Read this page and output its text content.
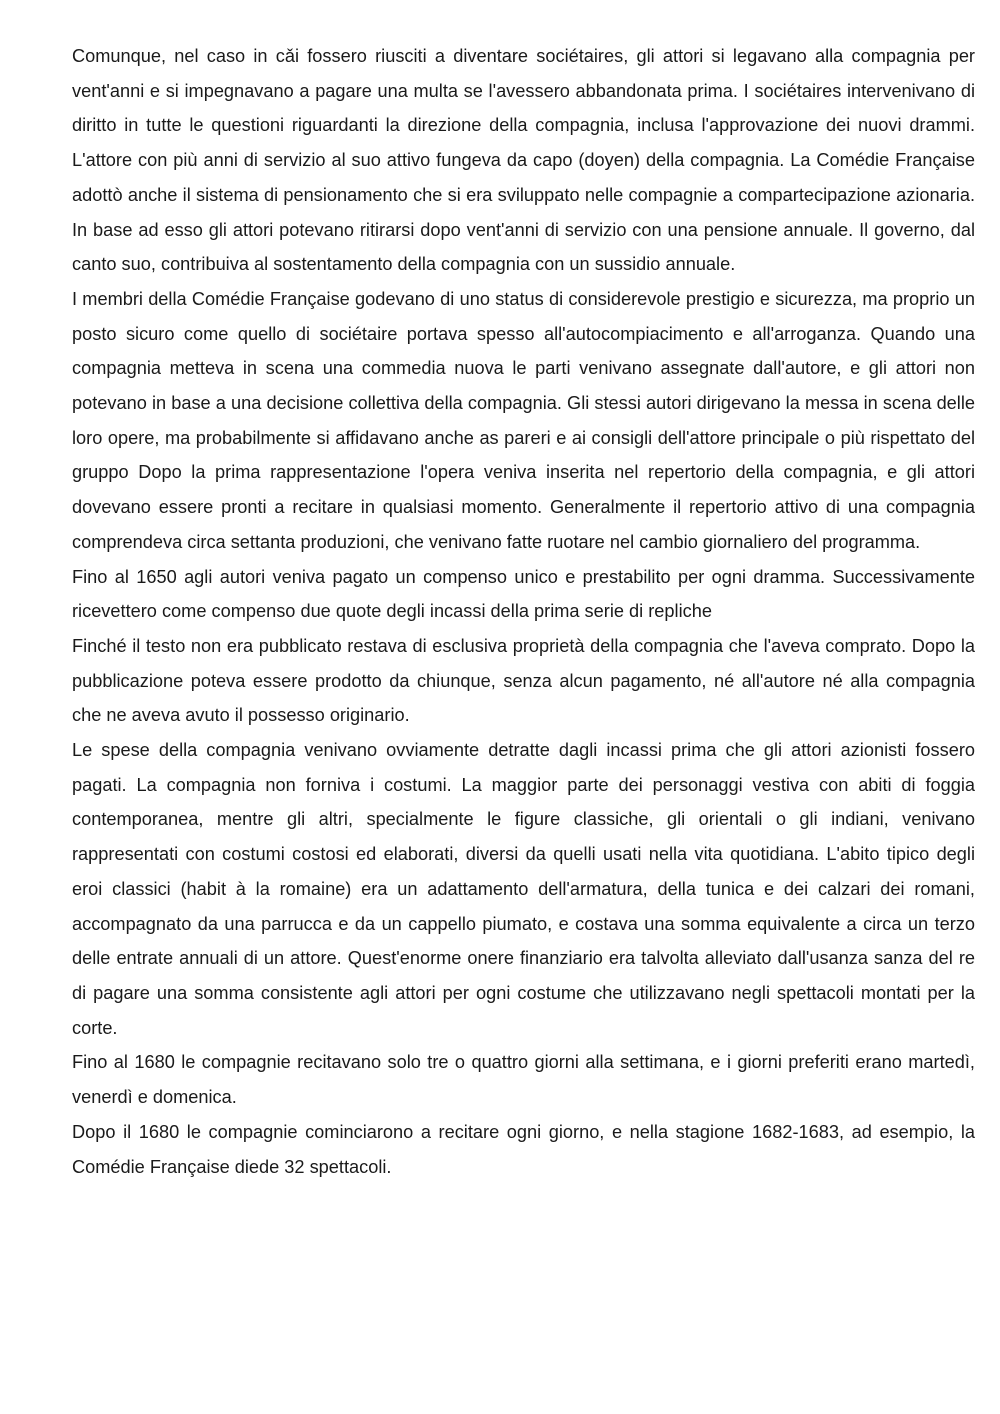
Comunque, nel caso in cǎi fossero riusciti a diventare sociétaires, gli attori si legavano alla compagnia per vent'anni e si impegnavano a pagare una multa se l'avessero abbandonata prima. I sociétaires intervenivano di diritto in tutte le questioni riguardanti la direzione della compagnia, inclusa l'approvazione dei nuovi drammi. L'attore con più anni di servizio al suo attivo fungeva da capo (doyen) della compagnia. La Comédie Française adottò anche il sistema di pensionamento che si era sviluppato nelle compagnie a compartecipazione azionaria. In base ad esso gli attori potevano ritirarsi dopo vent'anni di servizio con una pensione annuale. Il governo, dal canto suo, contribuiva al sostentamento della compagnia con un sussidio annuale.

I membri della Comédie Française godevano di uno status di considerevole prestigio e sicurezza, ma proprio un posto sicuro come quello di sociétaire portava spesso all'autocompiacimento e all'arroganza. Quando una compagnia metteva in scena una commedia nuova le parti venivano assegnate dall'autore, e gli attori non potevano in base a una decisione collettiva della compagnia. Gli stessi autori dirigevano la messa in scena delle loro opere, ma probabilmente si affidavano anche as pareri e ai consigli dell'attore principale o più rispettato del gruppo Dopo la prima rappresentazione l'opera veniva inserita nel repertorio della compagnia, e gli attori dovevano essere pronti a recitare in qualsiasi momento. Generalmente il repertorio attivo di una compagnia comprendeva circa settanta produzioni, che venivano fatte ruotare nel cambio giornaliero del programma.

Fino al 1650 agli autori veniva pagato un compenso unico e prestabilito per ogni dramma. Successivamente ricevettero come compenso due quote degli incassi della prima serie di repliche

Finché il testo non era pubblicato restava di esclusiva proprietà della compagnia che l'aveva comprato. Dopo la pubblicazione poteva essere prodotto da chiunque, senza alcun pagamento, né all'autore né alla compagnia che ne aveva avuto il possesso originario.

Le spese della compagnia venivano ovviamente detratte dagli incassi prima che gli attori azionisti fossero pagati. La compagnia non forniva i costumi. La maggior parte dei personaggi vestiva con abiti di foggia contemporanea, mentre gli altri, specialmente le figure classiche, gli orientali o gli indiani, venivano rappresentati con costumi costosi ed elaborati, diversi da quelli usati nella vita quotidiana. L'abito tipico degli eroi classici (habit à la romaine) era un adattamento dell'armatura, della tunica e dei calzari dei romani, accompagnato da una parrucca e da un cappello piumato, e costava una somma equivalente a circa un terzo delle entrate annuali di un attore. Quest'enorme onere finanziario era talvolta alleviato dall'usanza sanza del re di pagare una somma consistente agli attori per ogni costume che utilizzavano negli spettacoli montati per la corte.

Fino al 1680 le compagnie recitavano solo tre o quattro giorni alla settimana, e i giorni preferiti erano martedì, venerdì e domenica.

Dopo il 1680 le compagnie cominciarono a recitare ogni giorno, e nella stagione 1682-1683, ad esempio, la Comédie Française diede 32 spettacoli.
